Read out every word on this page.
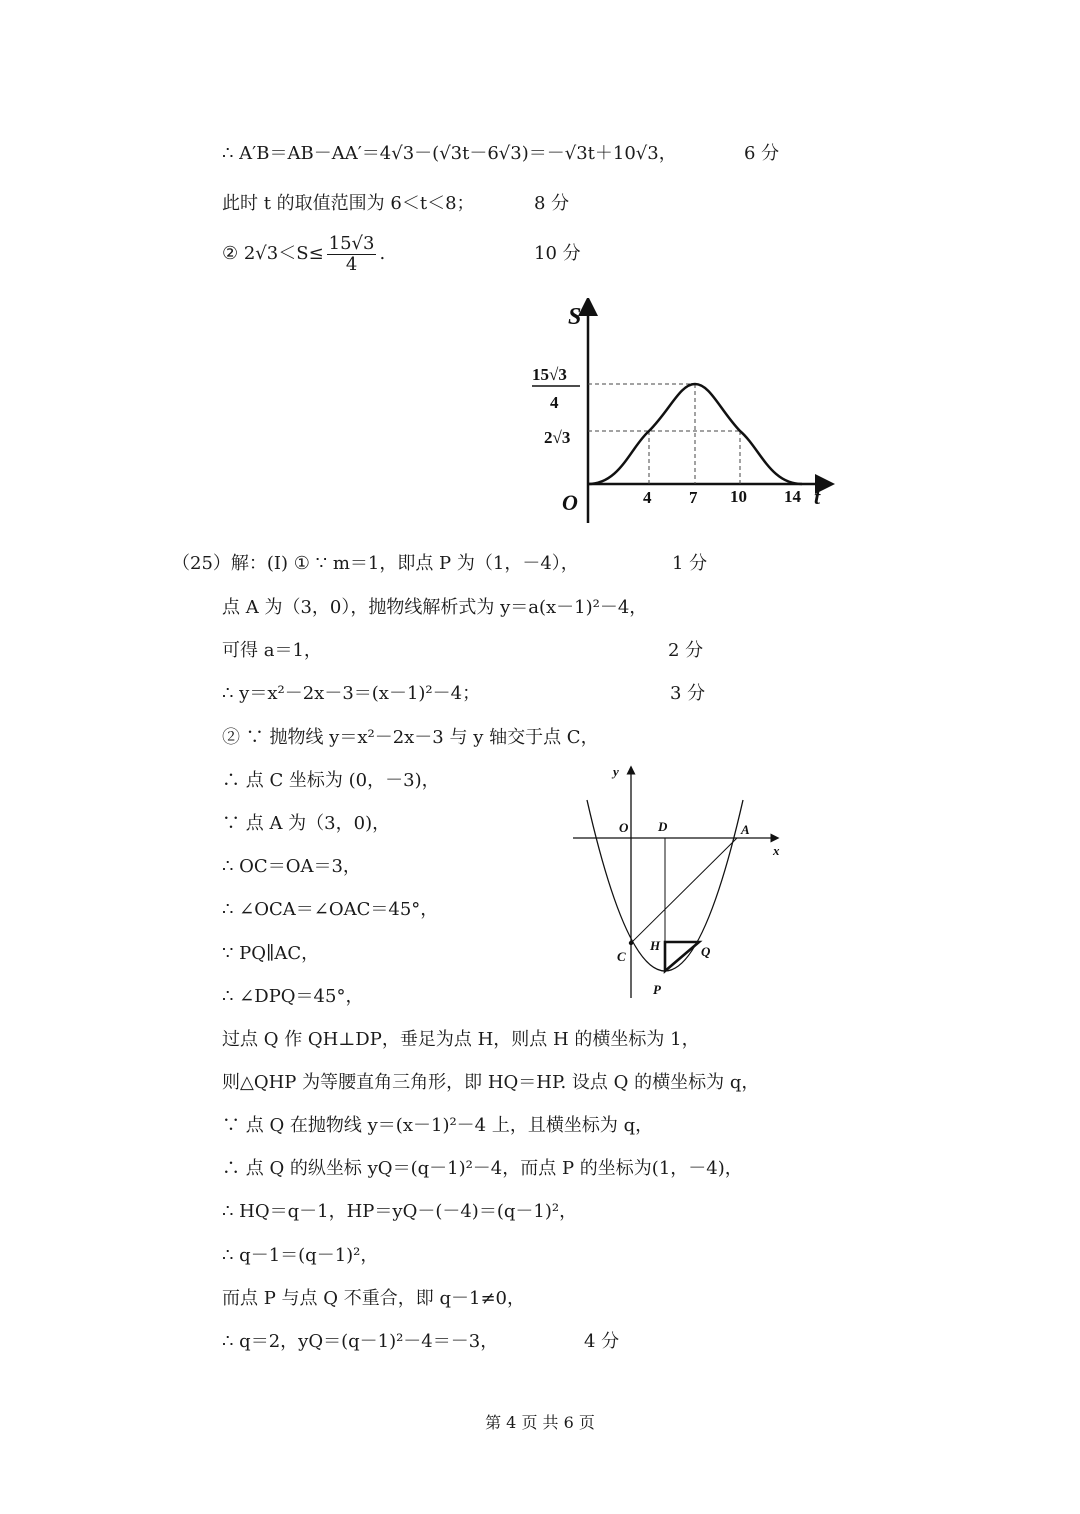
∴ A′B＝AB－AA′＝4√3－(√3t－6√3)＝－√3t＋10√3，	6 分
此时 t 的取值范围为 6＜t＜8；	8 分
② $2√3<S\le \frac{15√3}{4}$ .	10 分
S
t
O
15√3
4
2√3
4 7 10 14
（25）解：(Ⅰ) ① ∵ m＝1，即点 P 为（1，－4），	1 分
点 A 为（3，0），抛物线解析式为 y＝a(x－1)²－4，
可得 a＝1，	2 分
∴ y＝x²－2x－3＝(x－1)²－4；	3 分
② ∵ 抛物线 y＝x²－2x－3 与 y 轴交于点 C，
∴ 点 C 坐标为 (0，－3)，
∵ 点 A 为（3，0)，
∴ OC＝OA＝3，
∴ ∠OCA＝∠OAC＝45°，
∵ PQ∥AC，
∴ ∠DPQ＝45°，
y
x
O D	A
C
H	Q
P
过点 Q 作 QH⊥DP，垂足为点 H，则点 H 的横坐标为 1，
则△QHP 为等腰直角三角形，即 HQ＝HP. 设点 Q 的横坐标为 q，
∵ 点 Q 在抛物线 y＝(x－1)²－4 上，且横坐标为 q，
∴ 点 Q 的纵坐标 yQ＝(q－1)²－4，而点 P 的坐标为(1，－4)，
∴ HQ＝q－1，HP＝yQ－(－4)＝(q－1)²，
∴ q－1＝(q－1)²，
而点 P 与点 Q 不重合，即 q－1≠0，
∴ q＝2，yQ＝(q－1)²－4＝－3，	4 分
第 4 页 共 6 页
